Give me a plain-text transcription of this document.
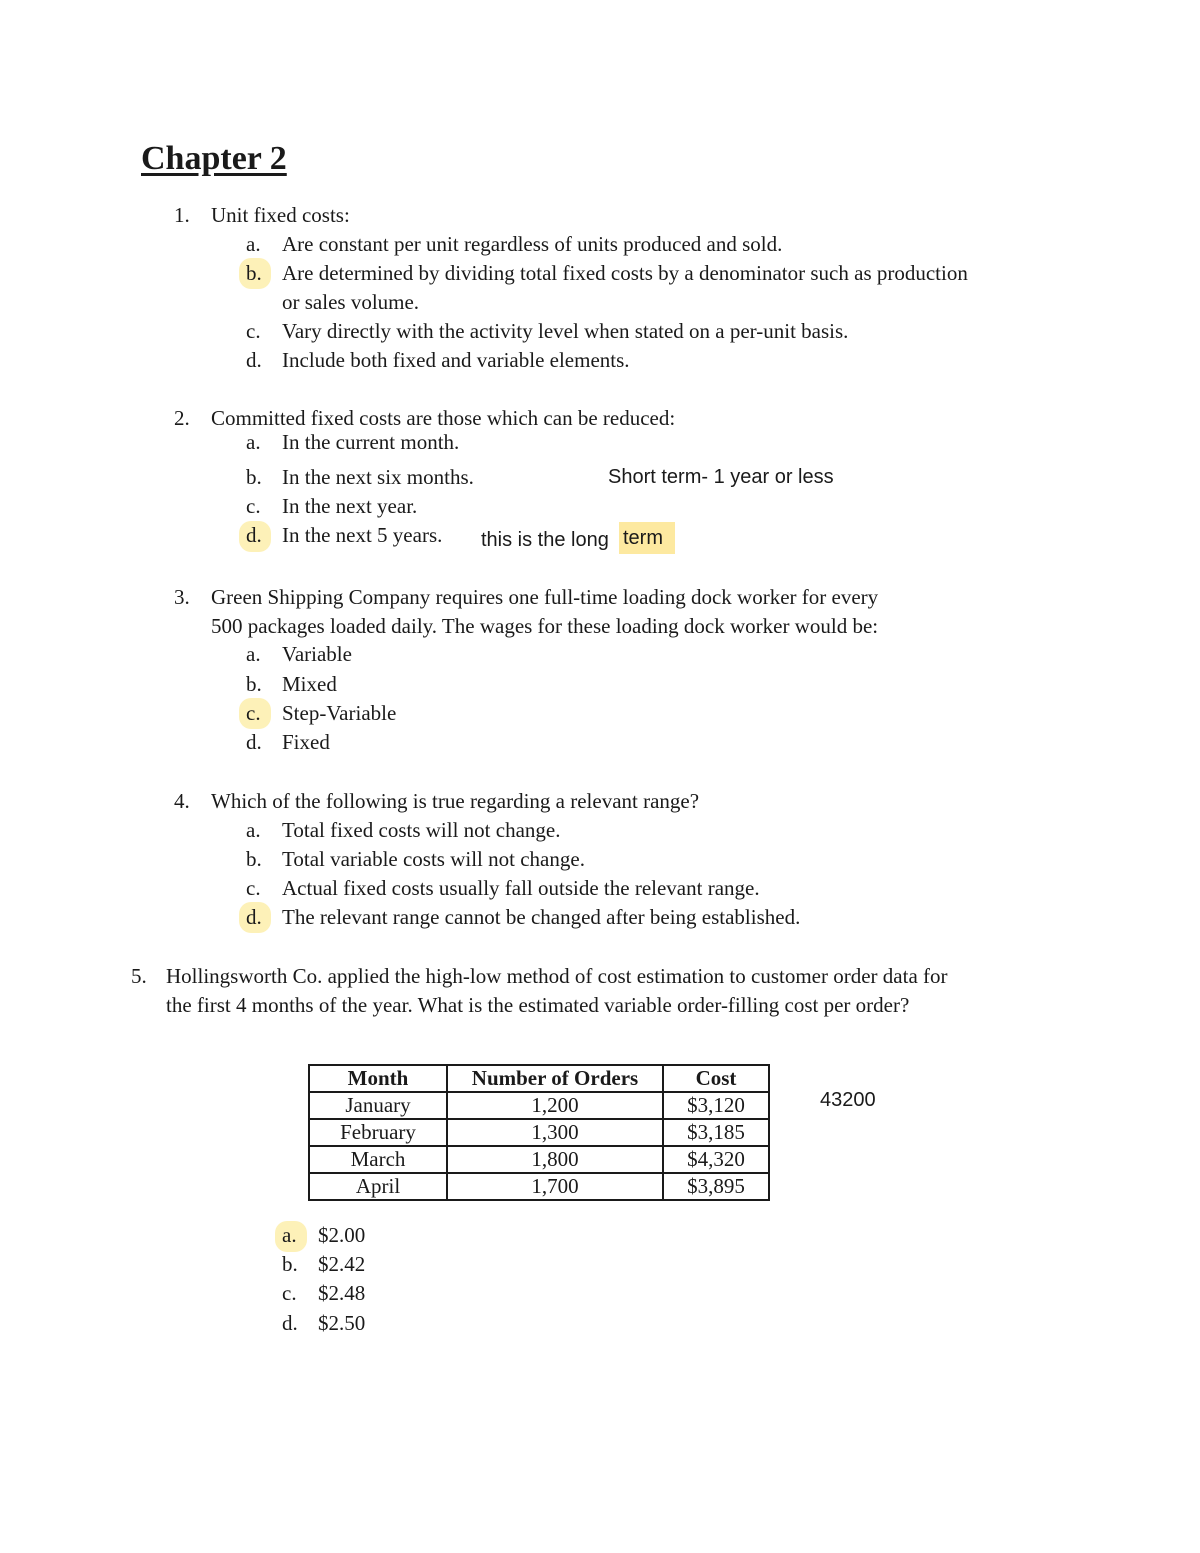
Chapter 2
1. Unit fixed costs:
a. Are constant per unit regardless of units produced and sold.
b. Are determined by dividing total fixed costs by a denominator such as production
or sales volume.
c. Vary directly with the activity level when stated on a per-unit basis.
d. Include both fixed and variable elements.
2. Committed fixed costs are those which can be reduced:
a. In the current month.
b. In the next six months.	Short term- 1 year or less
c. In the next year.
d. In the next 5 years. this is the long term
3. Green Shipping Company requires one full-time loading dock worker for every
500 packages loaded daily. The wages for these loading dock worker would be:
a. Variable
b. Mixed
c. Step-Variable
d. Fixed
4. Which of the following is true regarding a relevant range?
a. Total fixed costs will not change.
b. Total variable costs will not change.
c. Actual fixed costs usually fall outside the relevant range.
d. The relevant range cannot be changed after being established.
5. Hollingsworth Co. applied the high-low method of cost estimation to customer order data for
the first 4 months of the year. What is the estimated variable order-filling cost per order?
Month	Number of Orders	Cost
January	1,200	$3,120
February	1,300	$3,185
March	1,800	$4,320
April	1,700	$3,895
43200
a. $2.00
b. $2.42
c. $2.48
d. $2.50
